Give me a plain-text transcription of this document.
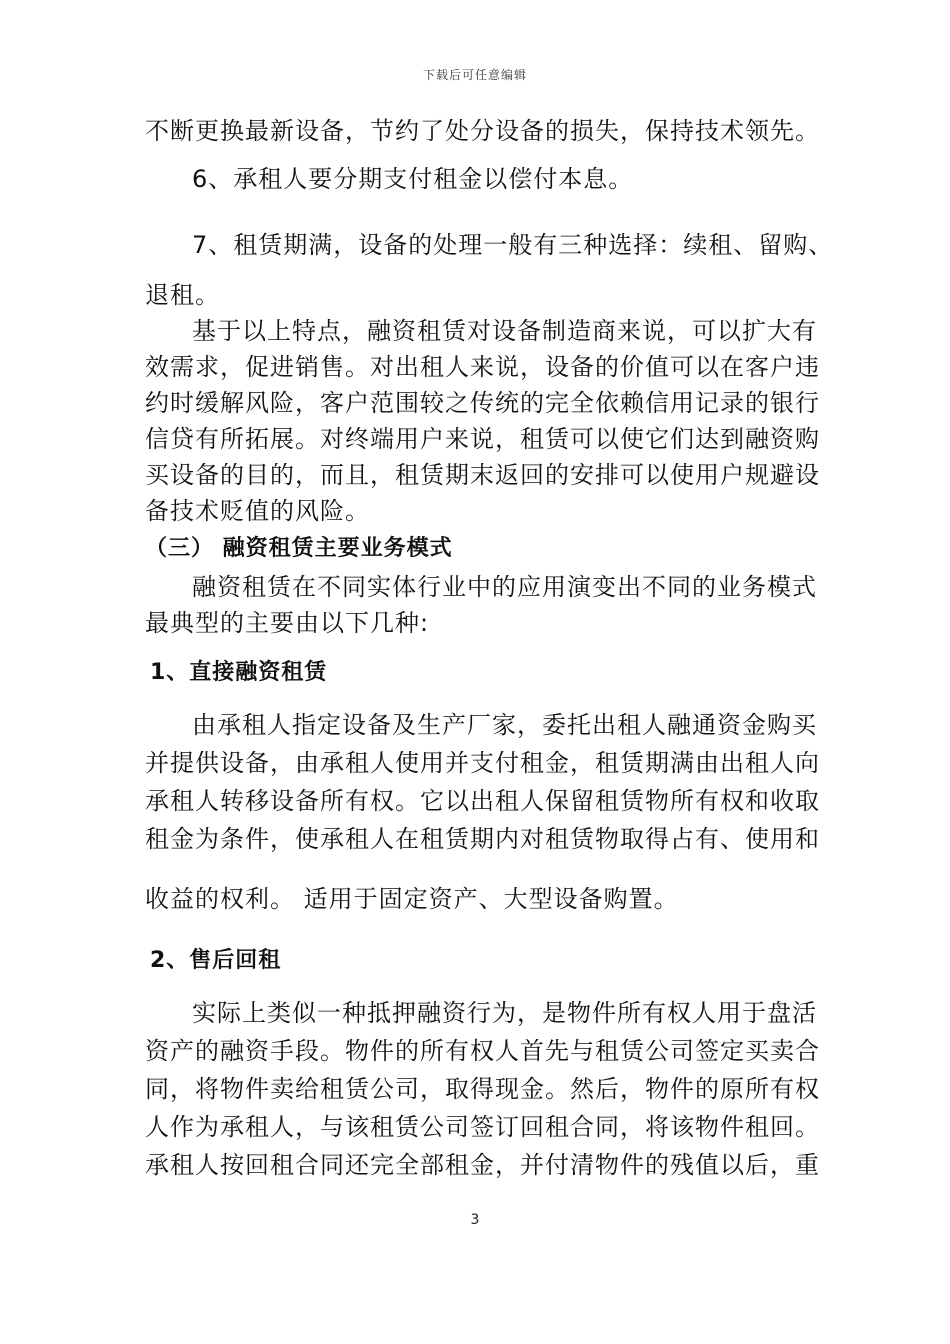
下载后可任意编辑
不断更换最新设备，节约了处分设备的损失，保持技术领先。
6、承租人要分期支付租金以偿付本息。
7、租赁期满，设备的处理一般有三种选择：续租、留购、
退租。
基于以上特点，融资租赁对设备制造商来说，可以扩大有
效需求，促进销售。对出租人来说，设备的价值可以在客户违
约时缓解风险，客户范围较之传统的完全依赖信用记录的银行
信贷有所拓展。对终端用户来说，租赁可以使它们达到融资购
买设备的目的，而且，租赁期末返回的安排可以使用户规避设
备技术贬值的风险。
（三） 融资租赁主要业务模式
融资租赁在不同实体行业中的应用演变出不同的业务模式
最典型的主要由以下几种:
1、直接融资租赁
由承租人指定设备及生产厂家，委托出租人融通资金购买
并提供设备，由承租人使用并支付租金，租赁期满由出租人向
承租人转移设备所有权。它以出租人保留租赁物所有权和收取
租金为条件，使承租人在租赁期内对租赁物取得占有、使用和
收益的权利。 适用于固定资产、大型设备购置。
2、售后回租
实际上类似一种抵押融资行为，是物件所有权人用于盘活
资产的融资手段。物件的所有权人首先与租赁公司签定买卖合
同，将物件卖给租赁公司，取得现金。然后，物件的原所有权
人作为承租人，与该租赁公司签订回租合同，将该物件租回。
承租人按回租合同还完全部租金，并付清物件的残值以后，重
3
